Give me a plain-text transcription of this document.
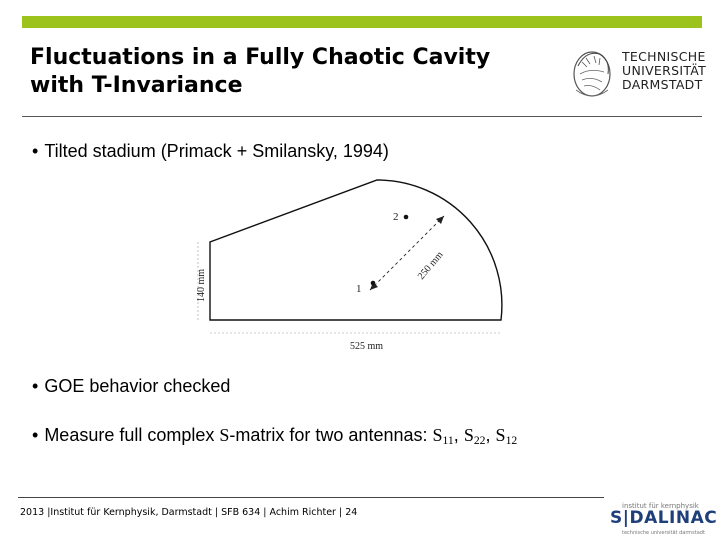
Fluctuations in a Fully Chaotic Cavity
with T-Invariance
TECHNISCHE
UNIVERSITÄT
DARMSTADT
• Tilted stadium (Primack + Smilansky, 1994)
2
1
140 mm
250 mm
525 mm
• GOE behavior checked
• Measure full complex S-matrix for two antennas: $S_{11}$, $S_{22}$, $S_{12}$
2013 |Institut für Kernphysik, Darmstadt | SFB 634 | Achim Richter | 24
institut für kernphysik
S|DALINAC
technische universität darmstadt
